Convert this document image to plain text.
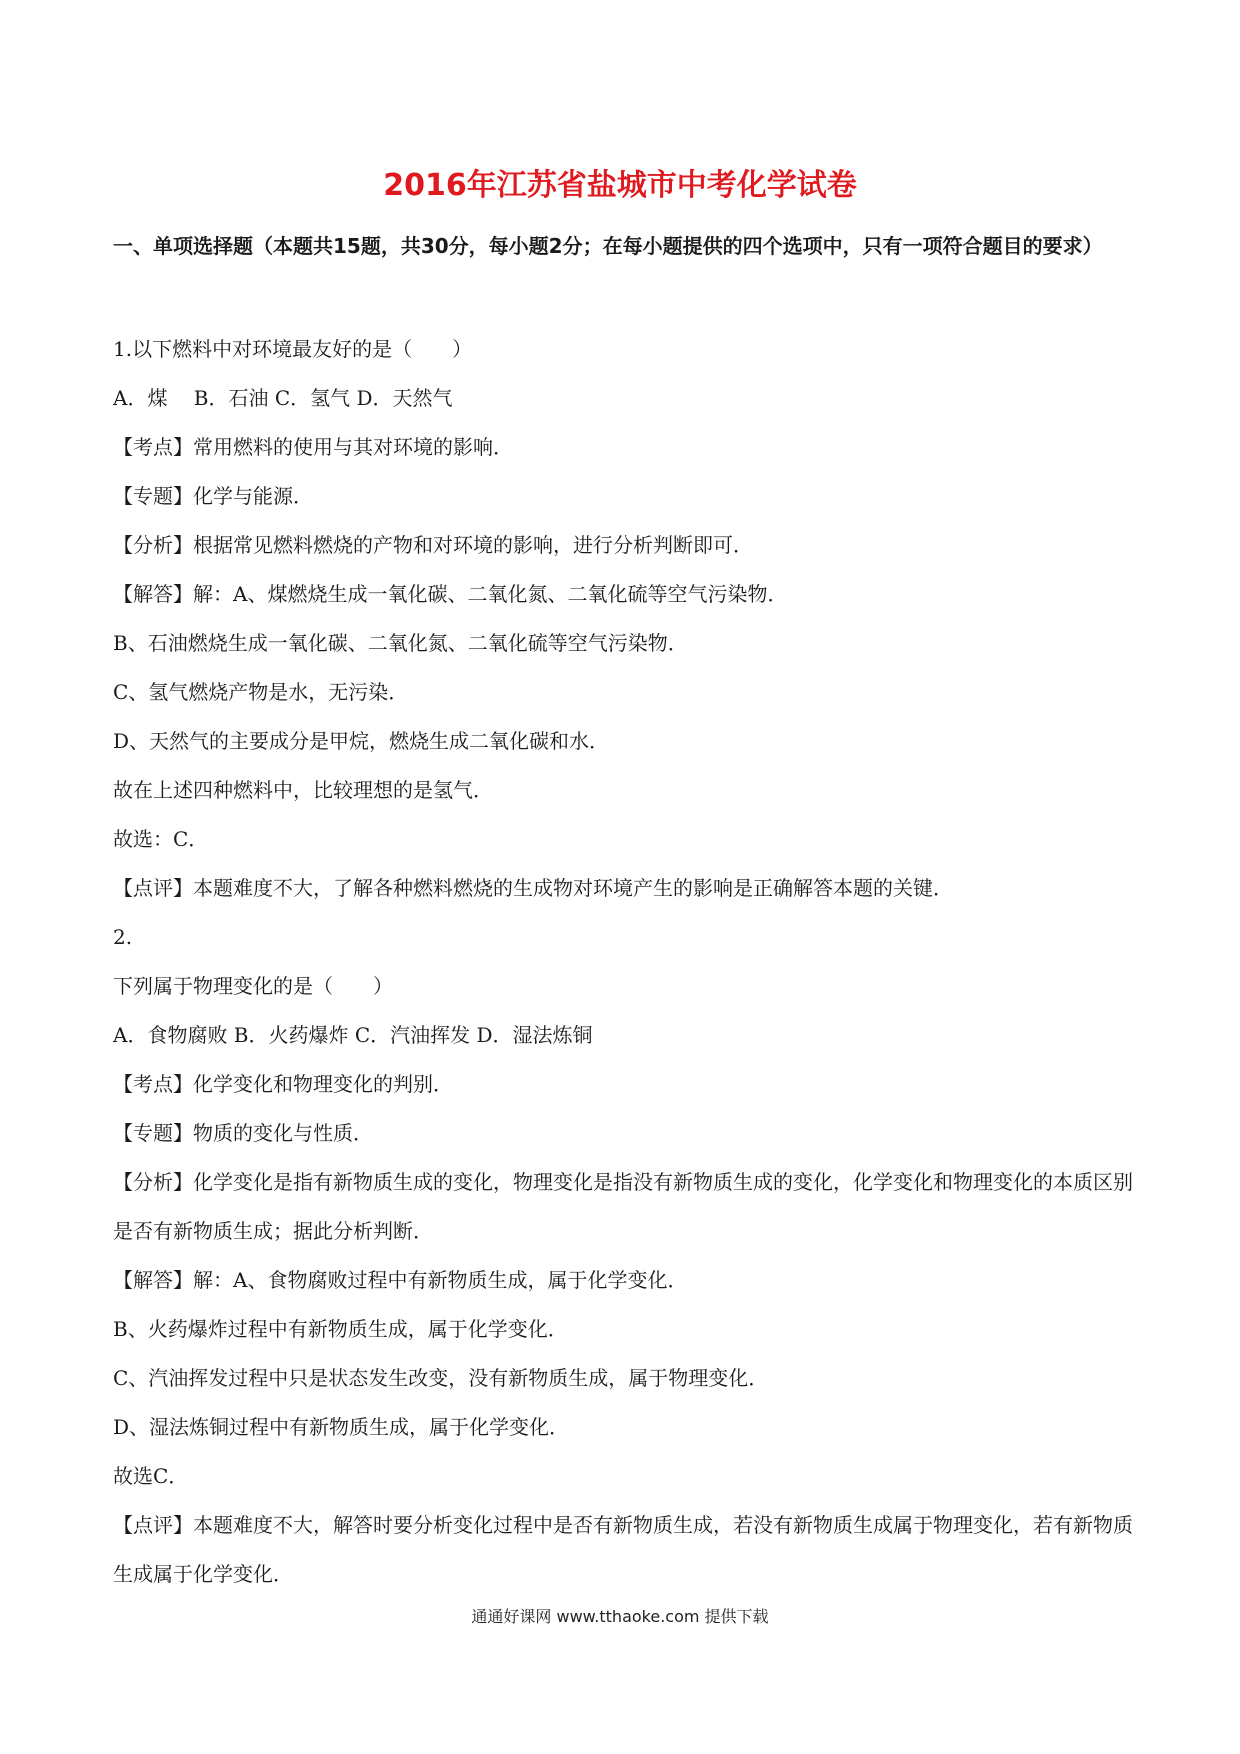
2016年江苏省盐城市中考化学试卷
一、单项选择题（本题共15题，共30分，每小题2分；在每小题提供的四个选项中，只有一项符合题目的要求）
1.以下燃料中对环境最友好的是（　　）
A．煤　 B．石油 C．氢气 D．天然气
【考点】常用燃料的使用与其对环境的影响．
【专题】化学与能源．
【分析】根据常见燃料燃烧的产物和对环境的影响，进行分析判断即可．
【解答】解：A、煤燃烧生成一氧化碳、二氧化氮、二氧化硫等空气污染物．
B、石油燃烧生成一氧化碳、二氧化氮、二氧化硫等空气污染物．
C、氢气燃烧产物是水，无污染．
D、天然气的主要成分是甲烷，燃烧生成二氧化碳和水．
故在上述四种燃料中，比较理想的是氢气．
故选：C．
【点评】本题难度不大，了解各种燃料燃烧的生成物对环境产生的影响是正确解答本题的关键．
2.
下列属于物理变化的是（　　）
A．食物腐败 B．火药爆炸 C．汽油挥发 D．湿法炼铜
【考点】化学变化和物理变化的判别．
【专题】物质的变化与性质．
【分析】化学变化是指有新物质生成的变化，物理变化是指没有新物质生成的变化，化学变化和物理变化的本质区别是否有新物质生成；据此分析判断．
【解答】解：A、食物腐败过程中有新物质生成，属于化学变化．
B、火药爆炸过程中有新物质生成，属于化学变化．
C、汽油挥发过程中只是状态发生改变，没有新物质生成，属于物理变化．
D、湿法炼铜过程中有新物质生成，属于化学变化．
故选C．
【点评】本题难度不大，解答时要分析变化过程中是否有新物质生成，若没有新物质生成属于物理变化，若有新物质生成属于化学变化．
通通好课网 www.tthaoke.com 提供下载
